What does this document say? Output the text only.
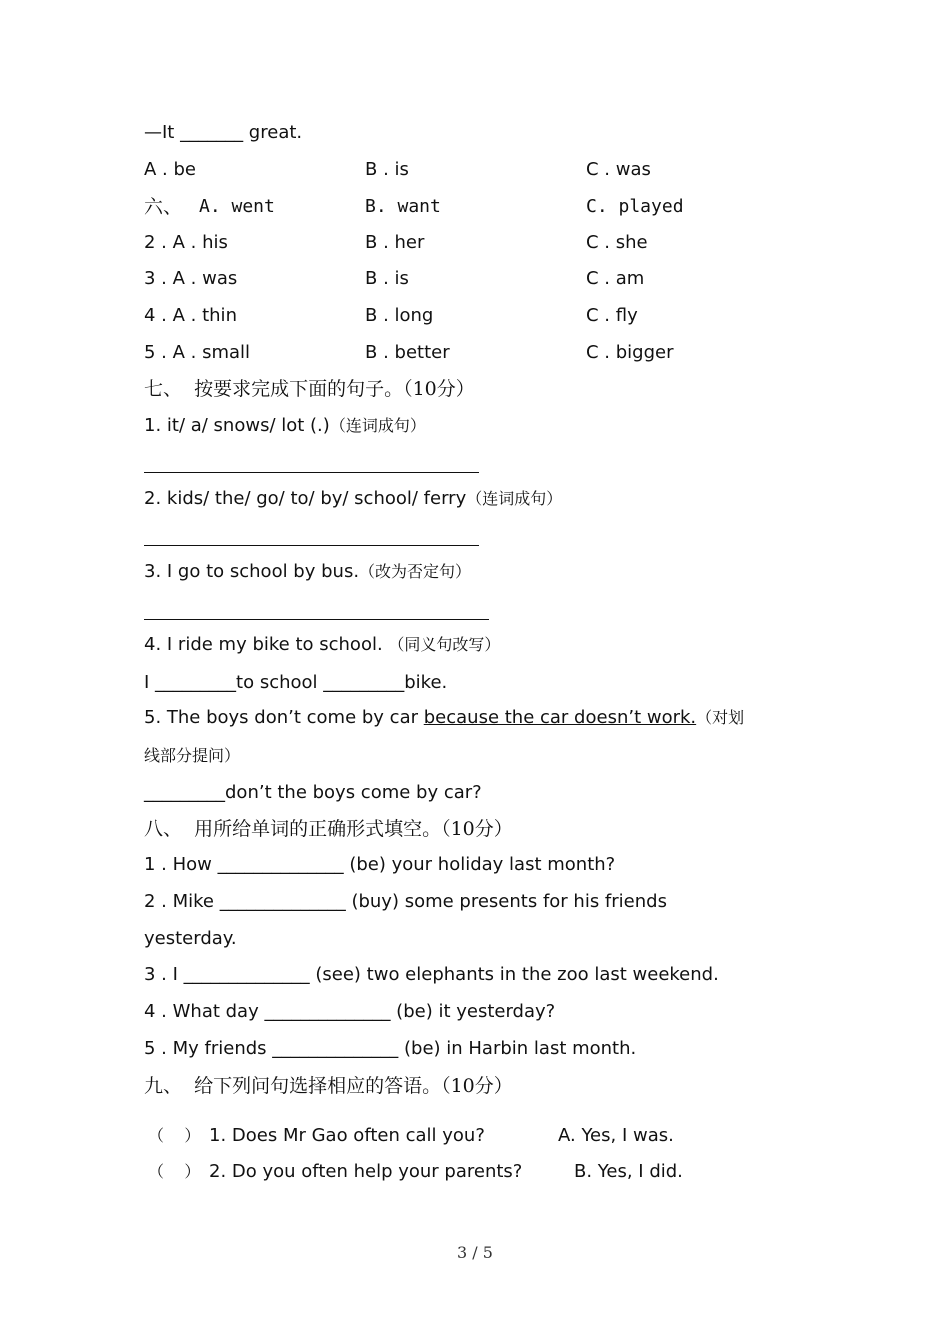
—It _______ great.
A . be	B . is	C . was
六、 A. went	B. want	C. played
2 . A . his	B . her	C . she
3 . A . was	B . is	C . am
4 . A . thin	B . long	C . fly
5 . A . small	B . better	C . bigger
七、  按要求完成下面的句子。（10分）
1. it/ a/ snows/ lot (.)（连词成句）
2. kids/ the/ go/ to/ by/ school/ ferry（连词成句）
3. I go to school by bus.（改为否定句）
4. I ride my bike to school. （同义句改写）
I _________to school _________bike.
5. The boys don’t come by car because the car doesn’t work.（对划
线部分提问）
_________don’t the boys come by car?
八、  用所给单词的正确形式填空。（10分）
1 . How ______________ (be) your holiday last month?
2 . Mike ______________ (buy) some presents for his friends
yesterday.
3 . I ______________ (see) two elephants in the zoo last weekend.
4 . What day ______________ (be) it yesterday?
5 . My friends ______________ (be) in Harbin last month.
九、  给下列问句选择相应的答语。（10分）
（    ） 1. Does Mr Gao often call you?	A. Yes, I was.
（    ） 2. Do you often help your parents?	B. Yes, I did.
3 / 5
